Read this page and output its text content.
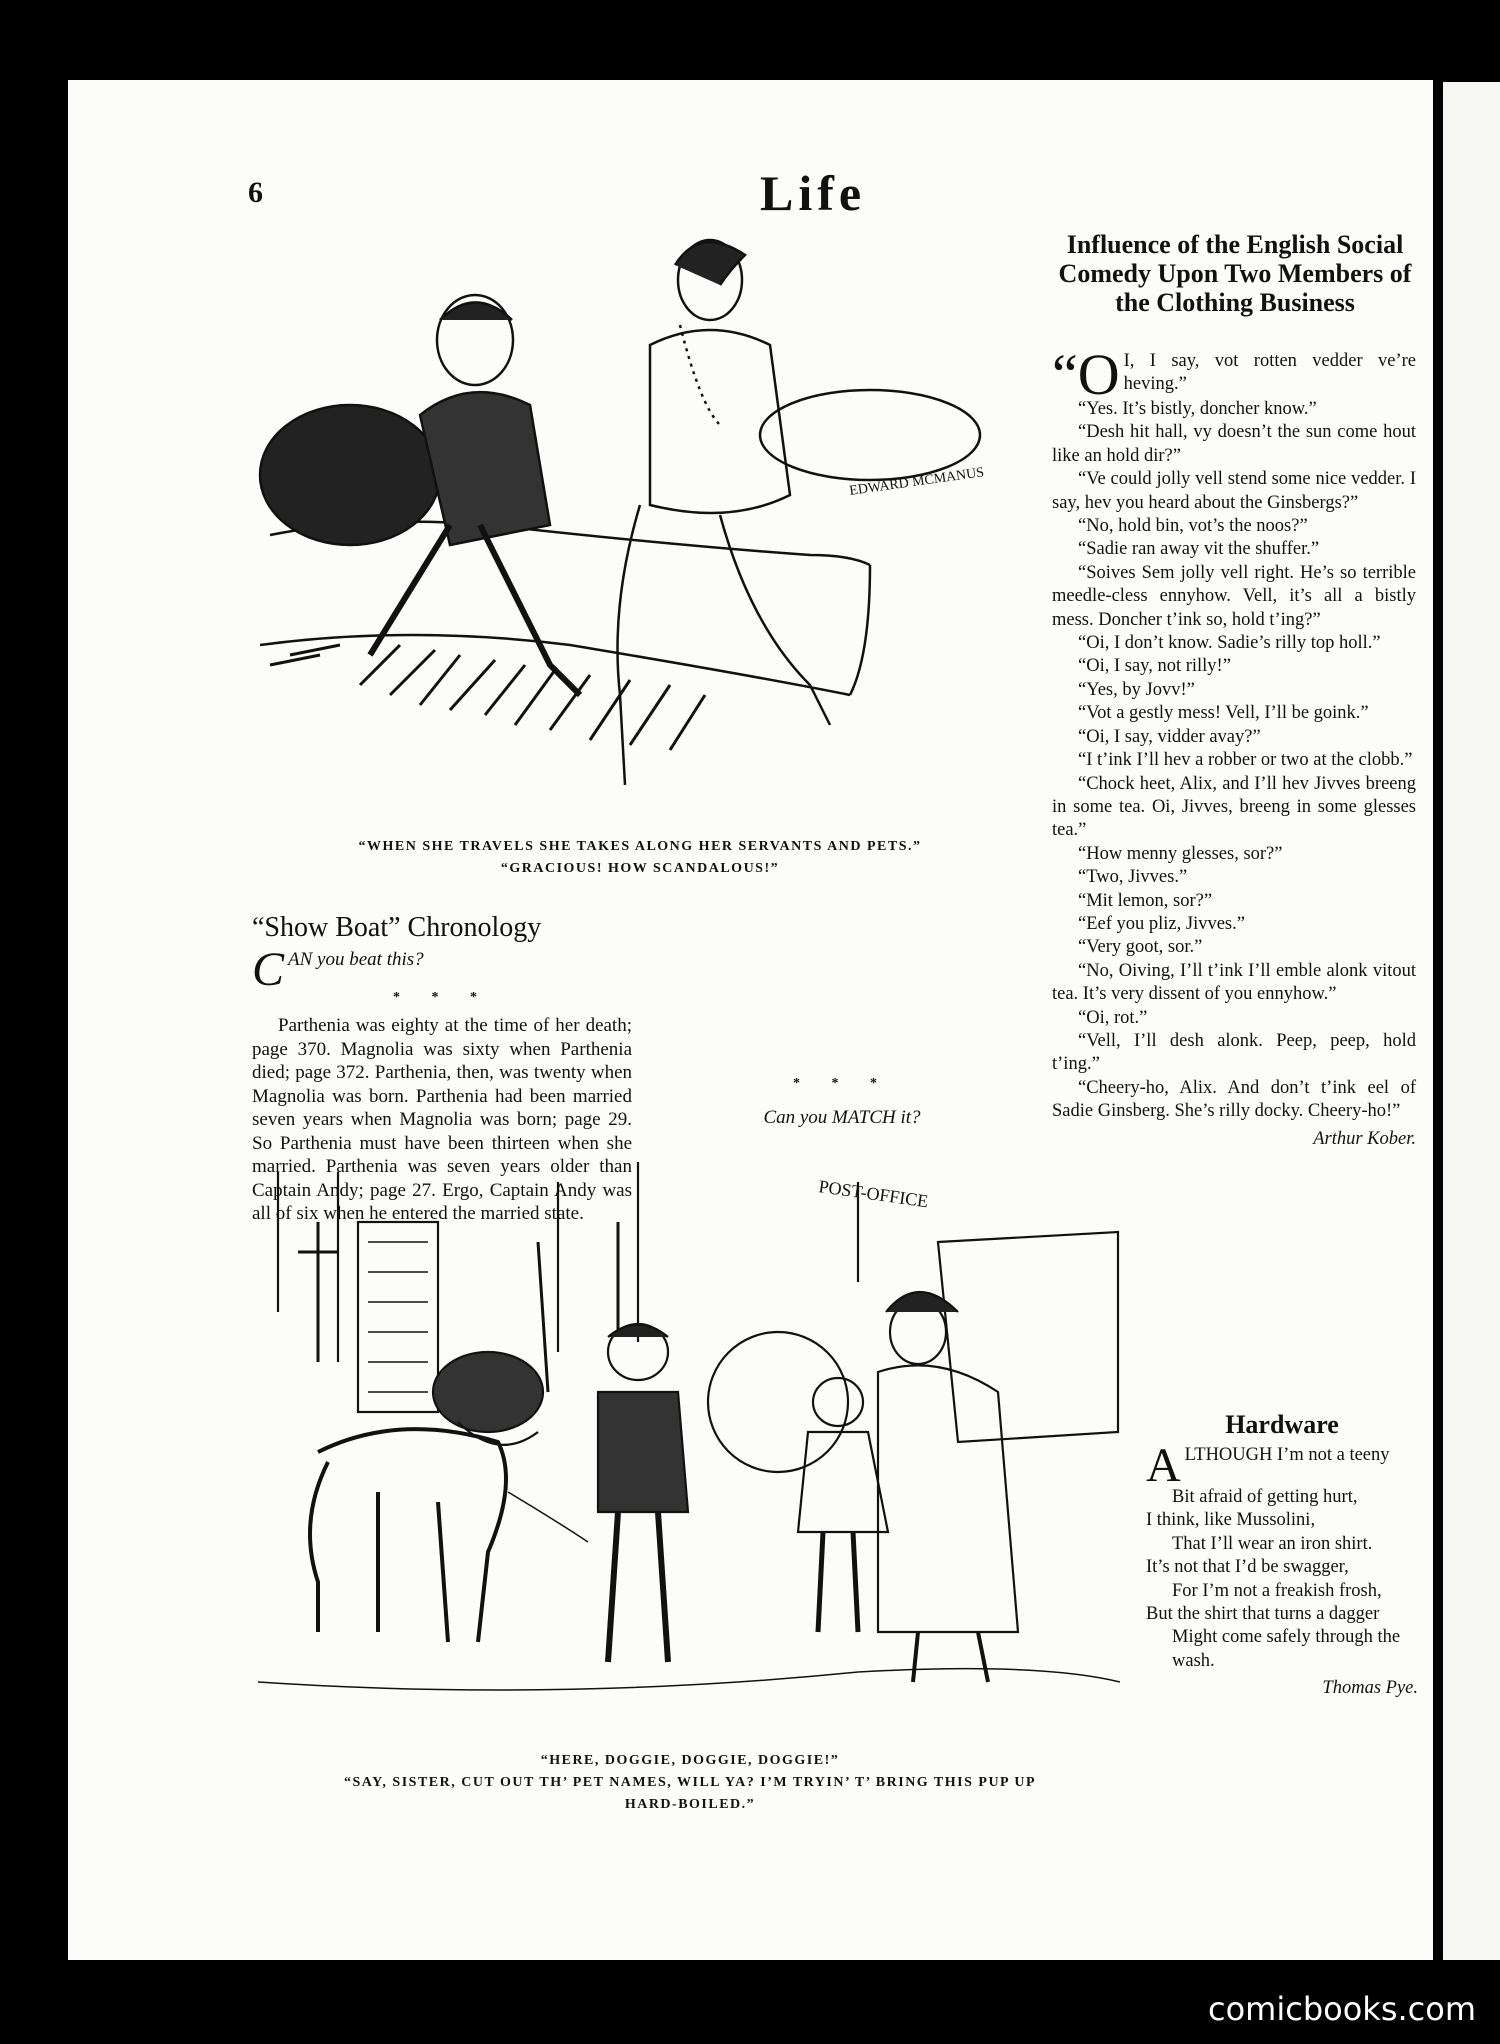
6	Life
EDWARD MCMANUS
“WHEN SHE TRAVELS SHE TAKES ALONG HER SERVANTS AND PETS.”
“GRACIOUS! HOW SCANDALOUS!”
“Show Boat” Chronology
C AN you beat this?
* * *

Parthenia was eighty at the time of her death; page 370. Magnolia was sixty when Parthenia died; page 372. Parthenia, then, was twenty when Magnolia was born. Parthenia had been married seven years when Magnolia was born; page 29. So Parthenia must have been thirteen when she married. Parthenia was seven years older than Captain Andy; page 27. Ergo, Captain Andy was all of six when he entered the married state.

* * *
Can you MATCH it?
POST-OFFICE
“HERE, DOGGIE, DOGGIE, DOGGIE!”
“SAY, SISTER, CUT OUT TH’ PET NAMES, WILL YA? I’M TRYIN’ T’ BRING THIS PUP UP
HARD-BOILED.”
Influence of the English Social Comedy Upon Two Members of the Clothing Business

“O I, I say, vot rotten vedder ve’re heving.”

“Yes. It’s bistly, doncher know.”

“Desh hit hall, vy doesn’t the sun come hout like an hold dir?”

“Ve could jolly vell stend some nice vedder. I say, hev you heard about the Ginsbergs?”

“No, hold bin, vot’s the noos?”

“Sadie ran away vit the shuffer.”

“Soives Sem jolly vell right. He’s so terrible meedle-cless ennyhow. Vell, it’s all a bistly mess. Doncher t’ink so, hold t’ing?”

“Oi, I don’t know. Sadie’s rilly top holl.”

“Oi, I say, not rilly!”

“Yes, by Jovv!”

“Vot a gestly mess! Vell, I’ll be goink.”

“Oi, I say, vidder avay?”

“I t’ink I’ll hev a robber or two at the clobb.”

“Chock heet, Alix, and I’ll hev Jivves breeng in some tea. Oi, Jivves, breeng in some glesses tea.”

“How menny glesses, sor?”

“Two, Jivves.”

“Mit lemon, sor?”

“Eef you pliz, Jivves.”

“Very goot, sor.”

“No, Oiving, I’ll t’ink I’ll emble alonk vitout tea. It’s very dissent of you ennyhow.”

“Oi, rot.”

“Vell, I’ll desh alonk. Peep, peep, hold t’ing.”

“Cheery-ho, Alix. And don’t t’ink eel of Sadie Ginsberg. She’s rilly docky. Cheery-ho!”

Arthur Kober.
Hardware

A LTHOUGH I’m not a teeny

Bit afraid of getting hurt,

I think, like Mussolini,

That I’ll wear an iron shirt.

It’s not that I’d be swagger,

For I’m not a freakish frosh,

But the shirt that turns a dagger

Might come safely through the wash.

Thomas Pye.
comicbooks.com
